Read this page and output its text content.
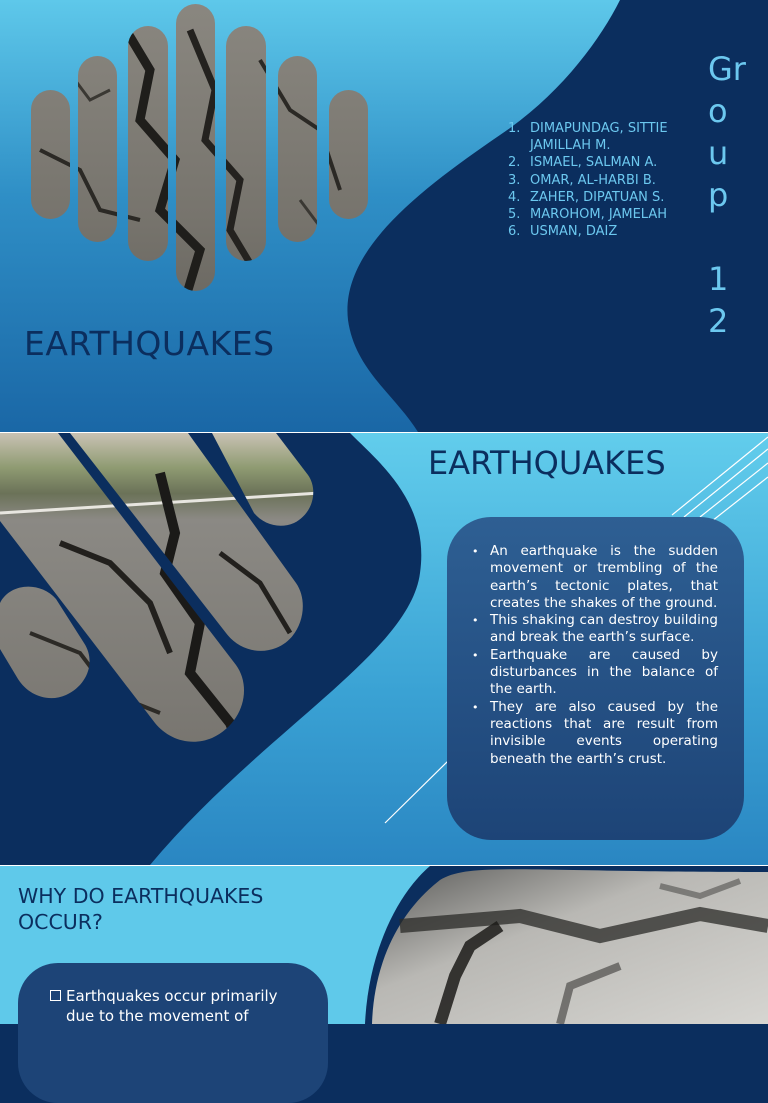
EARTHQUAKES
1. DIMAPUNDAG, SITTIE JAMILLAH M.
2. ISMAEL, SALMAN A.
3. OMAR, AL-HARBI B.
4. ZAHER, DIPATUAN S.
5. MAROHOM, JAMELAH
6. USMAN, DAIZ
Gr
o
u
p
1
2
EARTHQUAKES
• An earthquake is the sudden movement or trembling of the earth’s tectonic plates, that creates the shakes of the ground.
• This shaking can destroy building and break the earth’s surface.
• Earthquake are caused by disturbances in the balance of the earth.
• They are also caused by the reactions that are result from invisible events operating beneath the earth’s crust.
WHY DO EARTHQUAKES
OCCUR?
Earthquakes occur primarily
due to the movement of
